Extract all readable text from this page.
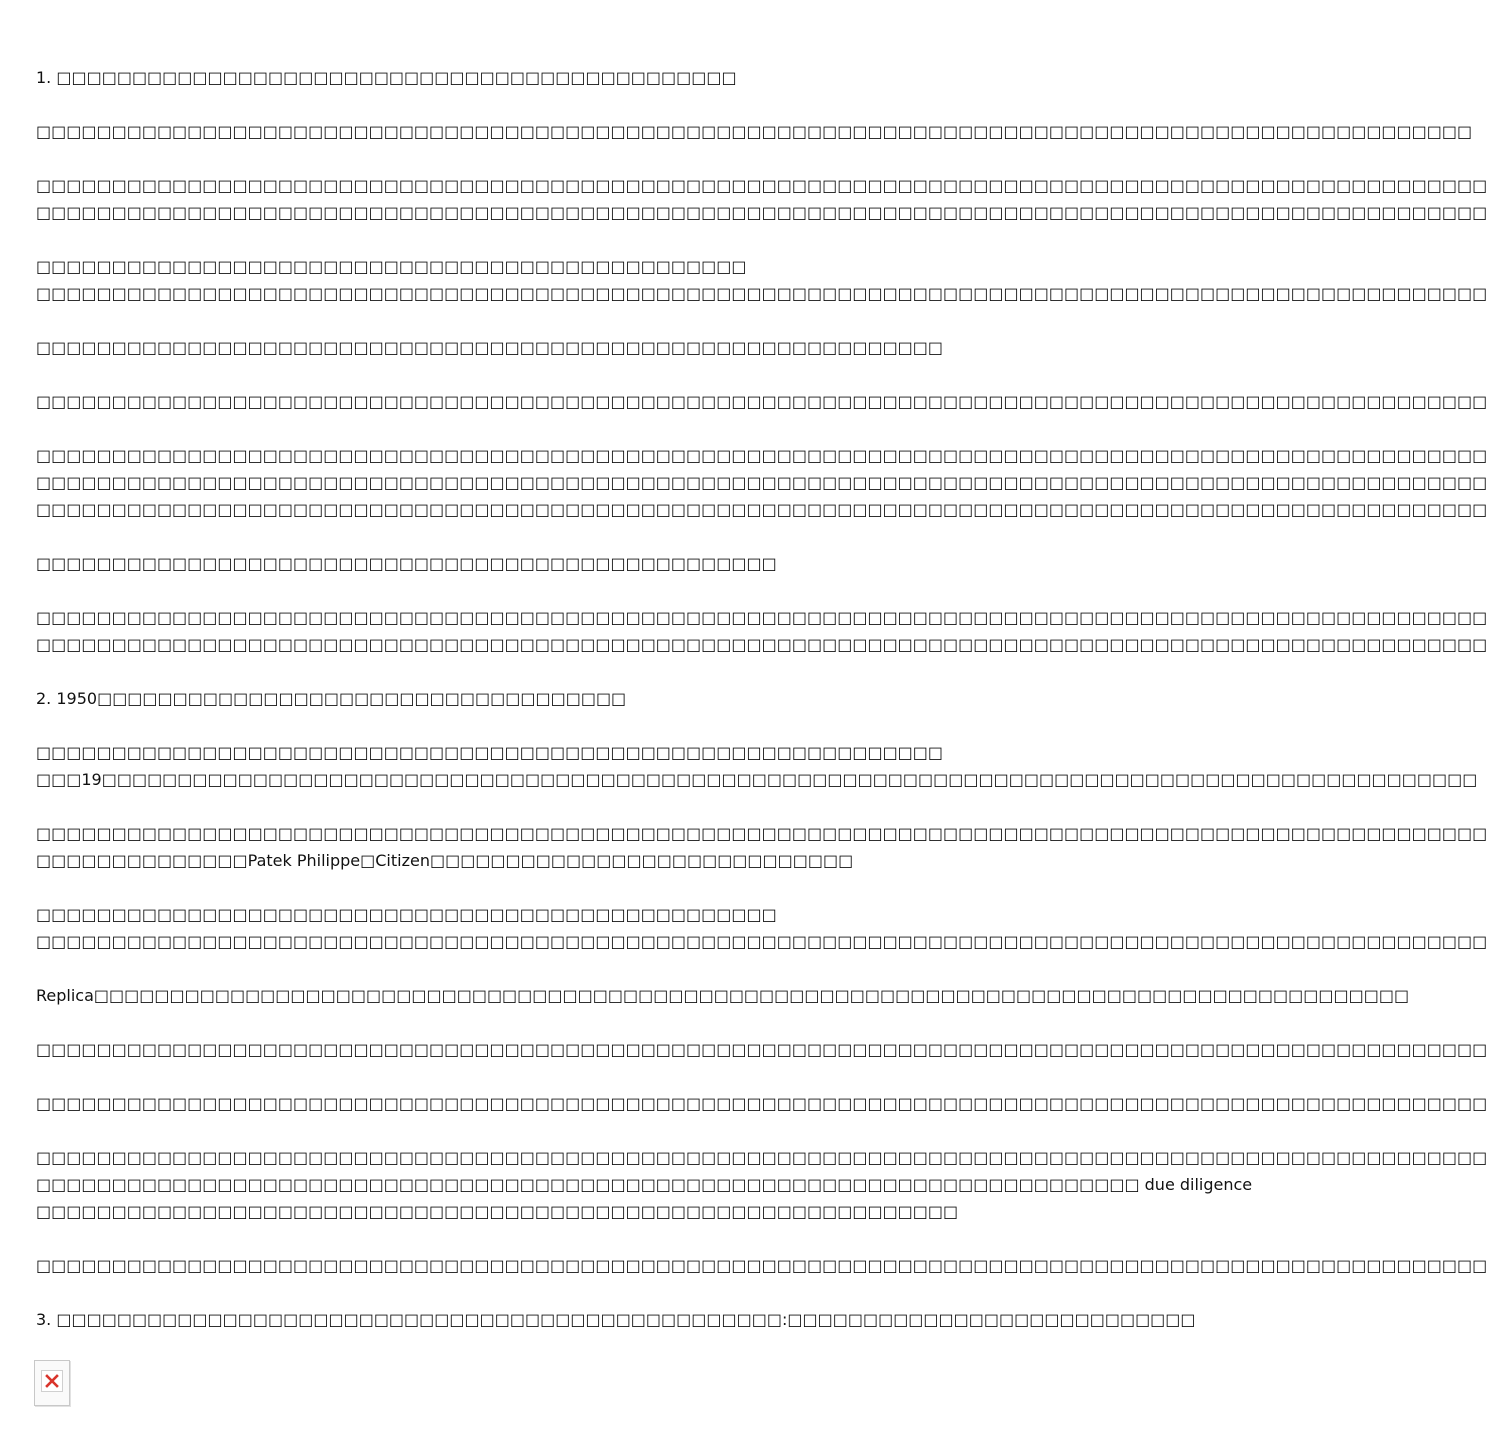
1. □□□□□□□□□□□□□□□□□□□□□□□□□□□□□□□□□□□□□□□□□□□□□

□□□□□□□□□□□□□□□□□□□□□□□□□□□□□□□□□□□□□□□□□□□□□□□□□□□□□□□□□□□□□□□□□□□□□□□□□□□□□□□□□□□□□□□□□□□□□□□

□□□□□□□□□□□□□□□□□□□□□□□□□□□□□□□□□□□□□□□□□□□□□□□□□□□□□□□□□□□□□□□□□□□□□□□□□□□□□□□□□□□□□□□□□□□□□□□□
□□□□□□□□□□□□□□□□□□□□□□□□□□□□□□□□□□□□□□□□□□□□□□□□□□□□□□□□□□□□□□□□□□□□□□□□□□□□□□□□□□□□□□□□□□□□□□□□

□□□□□□□□□□□□□□□□□□□□□□□□□□□□□□□□□□□□□□□□□□□□□□□
□□□□□□□□□□□□□□□□□□□□□□□□□□□□□□□□□□□□□□□□□□□□□□□□□□□□□□□□□□□□□□□□□□□□□□□□□□□□□□□□□□□□□□□□□□□□□□□□

□□□□□□□□□□□□□□□□□□□□□□□□□□□□□□□□□□□□□□□□□□□□□□□□□□□□□□□□□□□□

□□□□□□□□□□□□□□□□□□□□□□□□□□□□□□□□□□□□□□□□□□□□□□□□□□□□□□□□□□□□□□□□□□□□□□□□□□□□□□□□□□□□□□□□□□□□□□□□

□□□□□□□□□□□□□□□□□□□□□□□□□□□□□□□□□□□□□□□□□□□□□□□□□□□□□□□□□□□□□□□□□□□□□□□□□□□□□□□□□□□□□□□□□□□□□□□□
□□□□□□□□□□□□□□□□□□□□□□□□□□□□□□□□□□□□□□□□□□□□□□□□□□□□□□□□□□□□□□□□□□□□□□□□□□□□□□□□□□□□□□□□□□□□□□□□
□□□□□□□□□□□□□□□□□□□□□□□□□□□□□□□□□□□□□□□□□□□□□□□□□□□□□□□□□□□□□□□□□□□□□□□□□□□□□□□□□□□□□□□□□□□□□□□□

□□□□□□□□□□□□□□□□□□□□□□□□□□□□□□□□□□□□□□□□□□□□□□□□□

□□□□□□□□□□□□□□□□□□□□□□□□□□□□□□□□□□□□□□□□□□□□□□□□□□□□□□□□□□□□□□□□□□□□□□□□□□□□□□□□□□□□□□□□□□□□□□□□
□□□□□□□□□□□□□□□□□□□□□□□□□□□□□□□□□□□□□□□□□□□□□□□□□□□□□□□□□□□□□□□□□□□□□□□□□□□□□□□□□□□□□□□□□□□□□□□□

2. 1950□□□□□□□□□□□□□□□□□□□□□□□□□□□□□□□□□□□

□□□□□□□□□□□□□□□□□□□□□□□□□□□□□□□□□□□□□□□□□□□□□□□□□□□□□□□□□□□□
□□□19□□□□□□□□□□□□□□□□□□□□□□□□□□□□□□□□□□□□□□□□□□□□□□□□□□□□□□□□□□□□□□□□□□□□□□□□□□□□□□□□□□□□□□□□□□□

□□□□□□□□□□□□□□□□□□□□□□□□□□□□□□□□□□□□□□□□□□□□□□□□□□□□□□□□□□□□□□□□□□□□□□□□□□□□□□□□□□□□□□□□□□□□□□□□
□□□□□□□□□□□□□□Patek Philippe□Citizen□□□□□□□□□□□□□□□□□□□□□□□□□□□□

□□□□□□□□□□□□□□□□□□□□□□□□□□□□□□□□□□□□□□□□□□□□□□□□□
□□□□□□□□□□□□□□□□□□□□□□□□□□□□□□□□□□□□□□□□□□□□□□□□□□□□□□□□□□□□□□□□□□□□□□□□□□□□□□□□□□□□□□□□□□□□□□□□

Replica□□□□□□□□□□□□□□□□□□□□□□□□□□□□□□□□□□□□□□□□□□□□□□□□□□□□□□□□□□□□□□□□□□□□□□□□□□□□□□□□□□□□□□□

□□□□□□□□□□□□□□□□□□□□□□□□□□□□□□□□□□□□□□□□□□□□□□□□□□□□□□□□□□□□□□□□□□□□□□□□□□□□□□□□□□□□□□□□□□□□□□□□

□□□□□□□□□□□□□□□□□□□□□□□□□□□□□□□□□□□□□□□□□□□□□□□□□□□□□□□□□□□□□□□□□□□□□□□□□□□□□□□□□□□□□□□□□□□□□□□□

□□□□□□□□□□□□□□□□□□□□□□□□□□□□□□□□□□□□□□□□□□□□□□□□□□□□□□□□□□□□□□□□□□□□□□□□□□□□□□□□□□□□□□□□□□□□□□□□
□□□□□□□□□□□□□□□□□□□□□□□□□□□□□□□□□□□□□□□□□□□□□□□□□□□□□□□□□□□□□□□□□□□□□□□□□ due diligence
□□□□□□□□□□□□□□□□□□□□□□□□□□□□□□□□□□□□□□□□□□□□□□□□□□□□□□□□□□□□□

□□□□□□□□□□□□□□□□□□□□□□□□□□□□□□□□□□□□□□□□□□□□□□□□□□□□□□□□□□□□□□□□□□□□□□□□□□□□□□□□□□□□□□□□□□□□□□□□

3. □□□□□□□□□□□□□□□□□□□□□□□□□□□□□□□□□□□□□□□□□□□□□□□□:□□□□□□□□□□□□□□□□□□□□□□□□□□□
